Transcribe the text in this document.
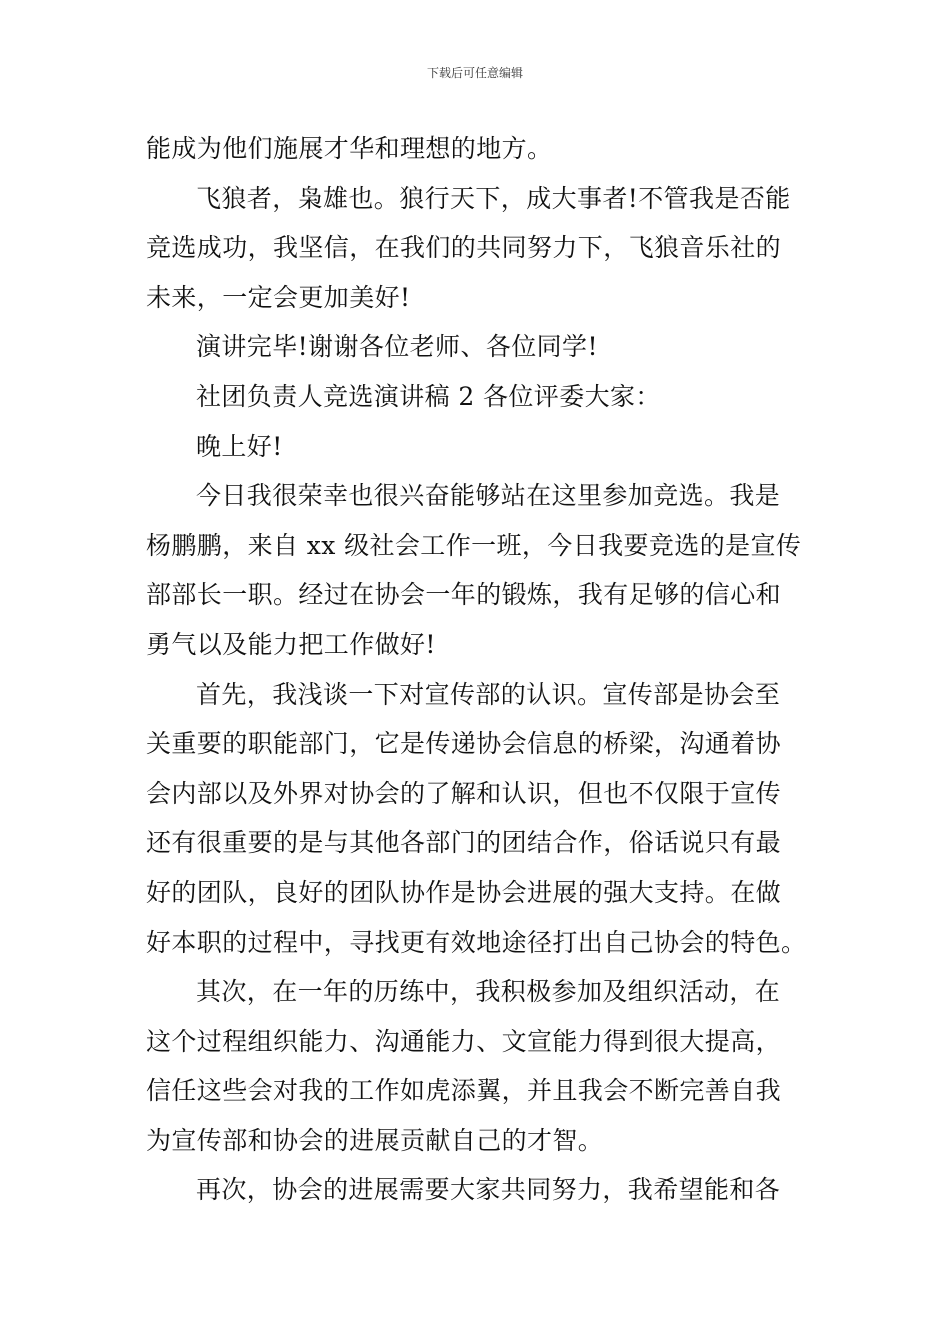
下载后可任意编辑
能成为他们施展才华和理想的地方。
飞狼者，枭雄也。狼行天下，成大事者!不管我是否能
竞选成功，我坚信，在我们的共同努力下，飞狼音乐社的
未来，一定会更加美好!
演讲完毕!谢谢各位老师、各位同学!
社团负责人竞选演讲稿 2 各位评委大家：
晚上好!
今日我很荣幸也很兴奋能够站在这里参加竞选。我是
杨鹏鹏，来自 xx 级社会工作一班，今日我要竞选的是宣传
部部长一职。经过在协会一年的锻炼，我有足够的信心和
勇气以及能力把工作做好!
首先，我浅谈一下对宣传部的认识。宣传部是协会至
关重要的职能部门，它是传递协会信息的桥梁，沟通着协
会内部以及外界对协会的了解和认识，但也不仅限于宣传
还有很重要的是与其他各部门的团结合作，俗话说只有最
好的团队，良好的团队协作是协会进展的强大支持。在做
好本职的过程中，寻找更有效地途径打出自己协会的特色。
其次，在一年的历练中，我积极参加及组织活动，在
这个过程组织能力、沟通能力、文宣能力得到很大提高，
信任这些会对我的工作如虎添翼，并且我会不断完善自我
为宣传部和协会的进展贡献自己的才智。
再次，协会的进展需要大家共同努力，我希望能和各
